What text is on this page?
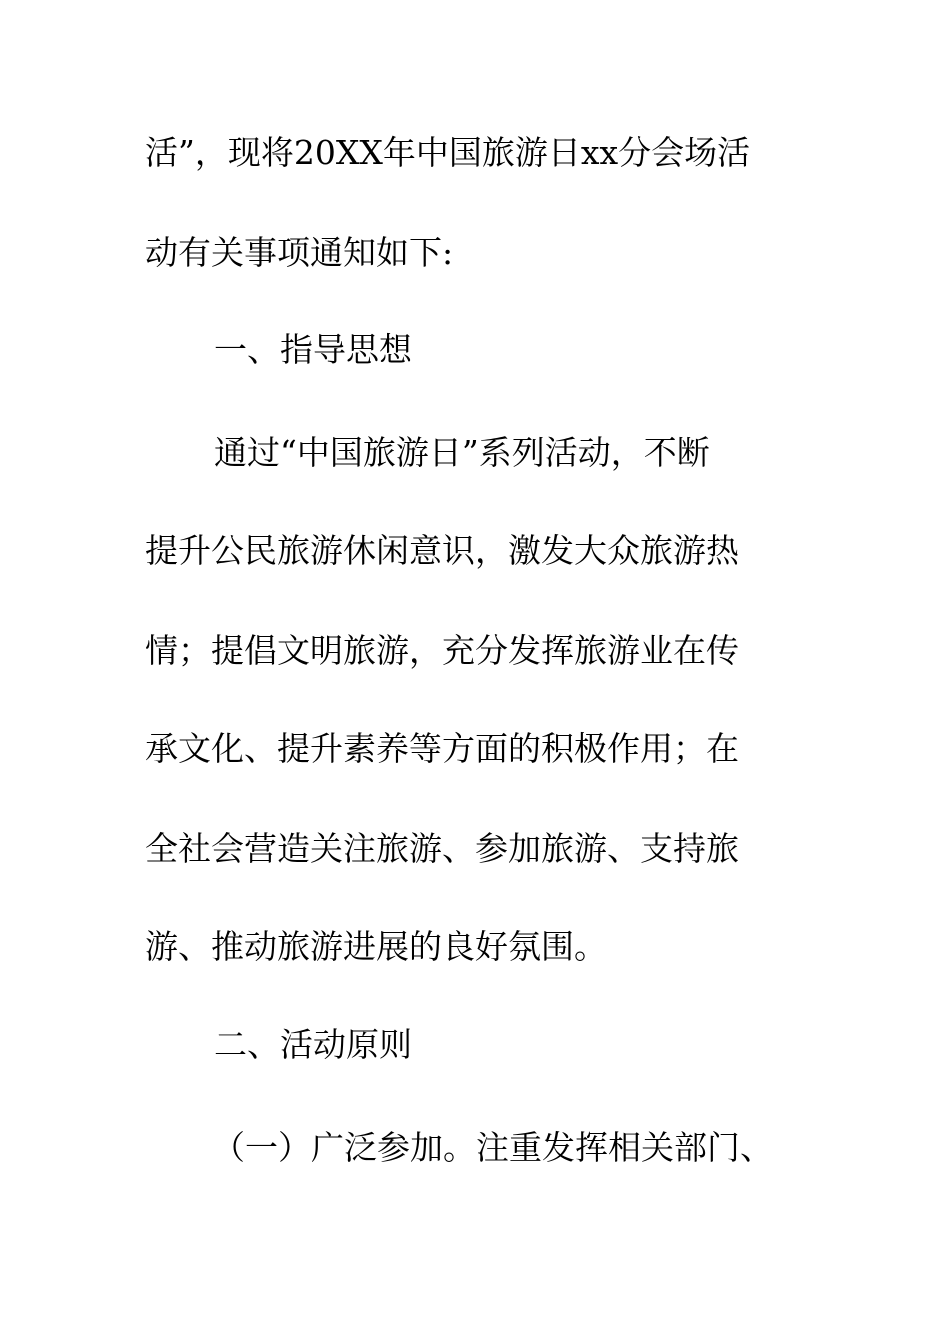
活”，现将20XX年中国旅游日xx分会场活
动有关事项通知如下:
一、指导思想
通过“中国旅游日”系列活动，不断
提升公民旅游休闲意识，激发大众旅游热
情；提倡文明旅游，充分发挥旅游业在传
承文化、提升素养等方面的积极作用；在
全社会营造关注旅游、参加旅游、支持旅
游、推动旅游进展的良好氛围。
二、活动原则
（一）广泛参加。注重发挥相关部门、
